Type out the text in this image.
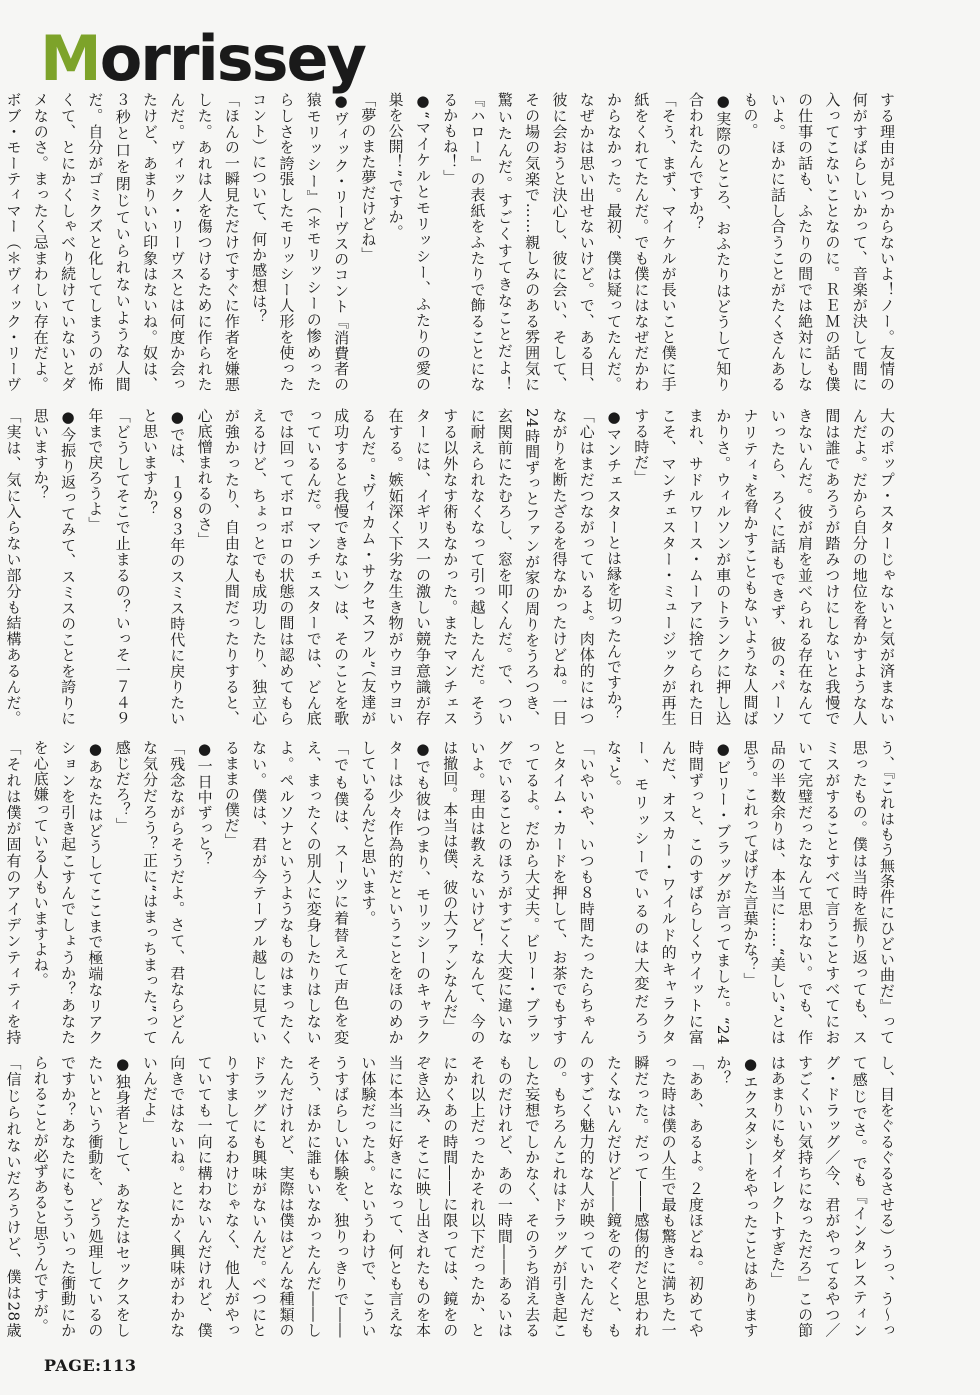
Morrissey

する理由が見つからないよ！ノー。友情の何がすばらしいかって、音楽が決して間に入ってこないことなのに。ＲＥＭの話も僕の仕事の話も、ふたりの間では絶対にしないよ。ほかに話し合うことがたくさんあるもの。

●実際のところ、おふたりはどうして知り合われたんですか？

「そう、まず、マイケルが長いこと僕に手紙をくれてたんだ。でも僕にはなぜだかわからなかった。最初、僕は疑ってたんだ。なぜかは思い出せないけど。で、ある日、彼に会おうと決心し、彼に会い、そして、その場の気楽で……親しみのある雰囲気に驚いたんだ。すごくすてきなことだよ！『ハロー』の表紙をふたりで飾ることになるかもね！」

●“マイケルとモリッシー、ふたりの愛の巣を公開！”ですか。

「夢のまた夢だけどね」

●ヴィック・リーヴスのコント『消費者の猿モリッシー』（＊モリッシーの惨めったらしさを誇張したモリッシー人形を使ったコント）について、何か感想は？

「ほんの一瞬見ただけですぐに作者を嫌悪した。あれは人を傷つけるために作られたんだ。ヴィック・リーヴスとは何度か会ったけど、あまりいい印象はないね。奴は、３秒と口を閉じていられないような人間だ。自分がゴミクズと化してしまうのが怖くて、とにかくしゃべり続けていないとダメなのさ。まったく忌まわしい存在だよ。ボブ・モーティマー（＊ヴィック・リーヴ

大のポップ・スターじゃないと気が済まないんだよ。だから自分の地位を脅かすような人間は誰であろうが踏みつけにしないと我慢できないんだ。彼が肩を並べられる存在なんていったら、ろくに話もできず、彼の“パーソナリティ”を脅かすこともないような人間ばかりさ。ウィルソンが車のトランクに押し込まれ、サドルワース・ムーアに捨てられた日こそ、マンチェスター・ミュージックが再生する時だ」

●マンチェスターとは縁を切ったんですか？

「心はまだつながっているよ。肉体的にはつながりを断たざるを得なかったけどね。一日24時間ずっとファンが家の周りをうろつき、玄関前にたむろし、窓を叩くんだ。で、ついに耐えられなくなって引っ越したんだ。そうする以外なす術もなかった。またマンチェスターには、イギリス一の激しい競争意識が存在する。嫉妬深く下劣な生き物がウヨウヨいるんだ。“ヴィカム・サクセスフル”（友達が成功すると我慢できない）は、そのことを歌っているんだ。マンチェスターでは、どん底では回ってボロボロの状態の間は認めてもらえるけど、ちょっとでも成功したり、独立心が強かったり、自由な人間だったりすると、心底憎まれるのさ」

●では、１９８３年のスミス時代に戻りたいと思いますか？

「どうしてそこで止まるの？いっそ一７４９年まで戻ろうよ」

●今振り返ってみて、スミスのことを誇りに思いますか？

「実は、気に入らない部分も結構あるんだ。

う、『これはもう無条件にひどい曲だ』って思ったもの。僕は当時を振り返っても、スミスがすることすべて言うことすべてにおいて完璧だったなんて思わない。でも、作品の半数余りは、本当に……“美しい”とは思う。これってばげた言葉かな？」

●ビリー・ブラッグが言ってました。“24時間ずっと、このすばらしくウイットに富んだ、オスカー・ワイルド的キャラクター、モリッシーでいるのは大変だろうな”と。

「いやいや、いつも８時間たったらちゃんとタイム・カードを押して、お茶でもすすってるよ。だから大丈夫。ビリー・ブラッグでいることのほうがすごく大変に違いないよ。理由は教えないけど！なんて、今のは撤回。本当は僕、彼の大ファンなんだ」

●でも彼はつまり、モリッシーのキャラクターは少々作為的だということをほのめかしているんだと思います。

「でも僕は、スーツに着替えて声色を変え、まったくの別人に変身したりはしないよ。ペルソナというようなものはまったくない。僕は、君が今テーブル越しに見ているままの僕だ」

●一日中ずっと？

「残念ながらそうだよ。さて、君ならどんな気分だろう？正に“はまっちまった”って感じだろ？」

●あなたはどうしてここまで極端なリアクションを引き起こすんでしょうか？あなたを心底嫌っている人もいますよね。

「それは僕が固有のアイデンティティを持

し、目をぐるぐるさせる）うっ、う～って感じでさ。でも『インタレスティング・ドラッグ／今、君がやってるやつ／すごくいい気持ちになっただろ』この節はあまりにもダイレクトすぎた」

●エクスタシーをやったことはありますか？

「ああ、あるよ。２度ほどね。初めてやった時は僕の人生で最も驚きに満ちた一瞬だった。だって――感傷的だと思われたくないんだけど――鏡をのぞくと、ものすごく魅力的な人が映っていたんだもの。もちろんこれはドラッグが引き起こした妄想でしかなく、そのうち消え去るものだけれど、あの一時間――あるいはそれ以上だったかそれ以下だったか、とにかくあの時間――に限っては、鏡をのぞき込み、そこに映し出されたものを本当に本当に好きになって、何とも言えない体験だったよ。というわけで、こういうすばらしい体験を、独りっきりで――そう、ほかに誰もいなかったんだ――したんだけれど、実際は僕はどんな種類のドラッグにも興味がないんだ。べつにとりすましてるわけじゃなく、他人がやっていても一向に構わないんだけれど、僕向きではないね。とにかく興味がわかないんだよ」

●独身者として、あなたはセックスをしたいという衝動を、どう処理しているのですか？あなたにもこういった衝動にかられることが必ずあると思うんですが。

「信じられないだろうけど、僕は28歳

PAGE:113
